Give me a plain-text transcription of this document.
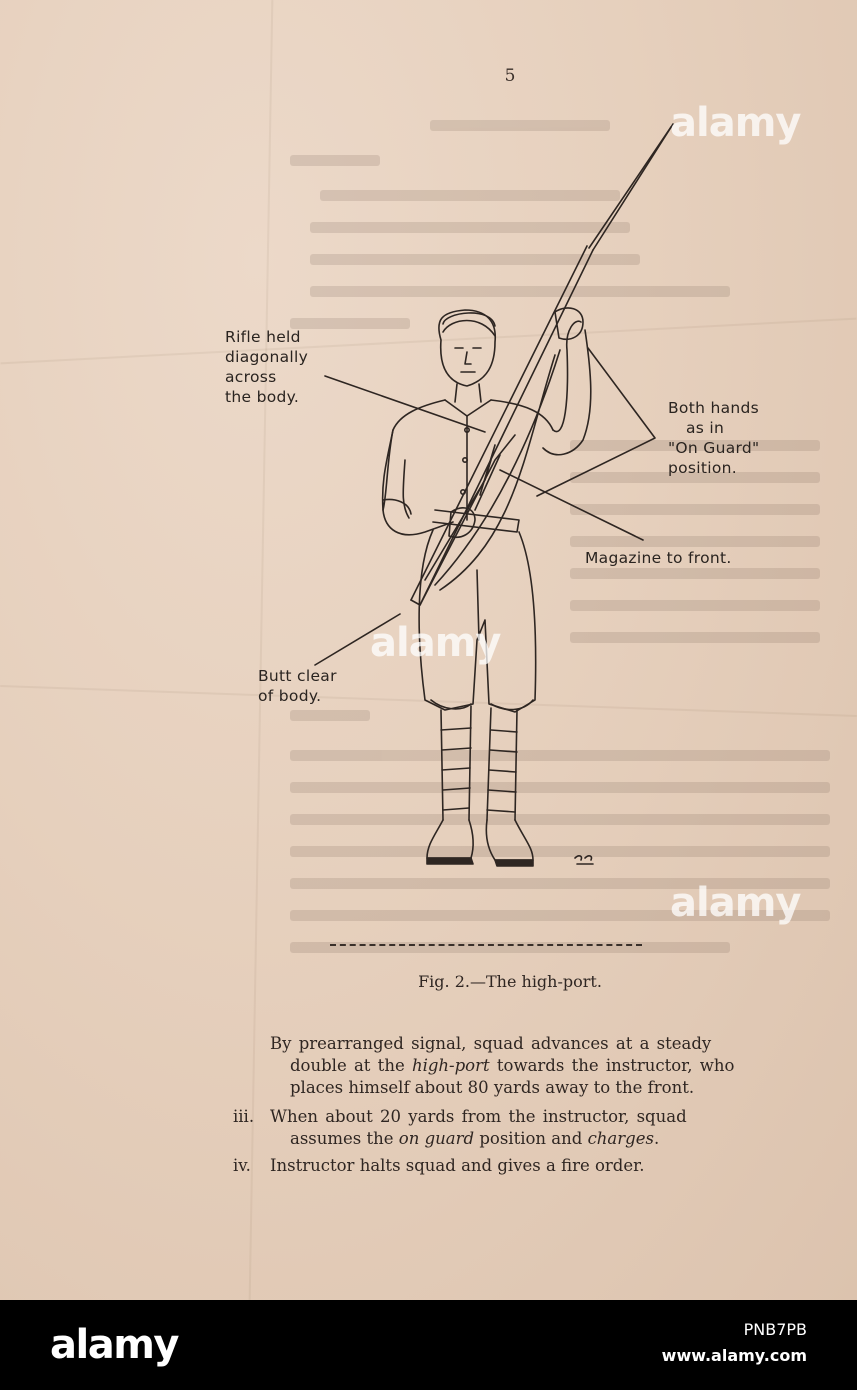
5
Rifle held
diagonally
across
the body.
Both hands
as in
"On Guard"
position.
Magazine to front.
Butt clear
of body.
Fig. 2.—The high-port.
By prearranged signal, squad advances at a steady
double at the high-port towards the instructor, who
places himself about 80 yards away to the front.
iii. When about 20 yards from the instructor, squad
assumes the on guard position and charges.
iv. Instructor halts squad and gives a fire order.
alamy
alamy
alamy
alamy	PNB7PB
www.alamy.com
